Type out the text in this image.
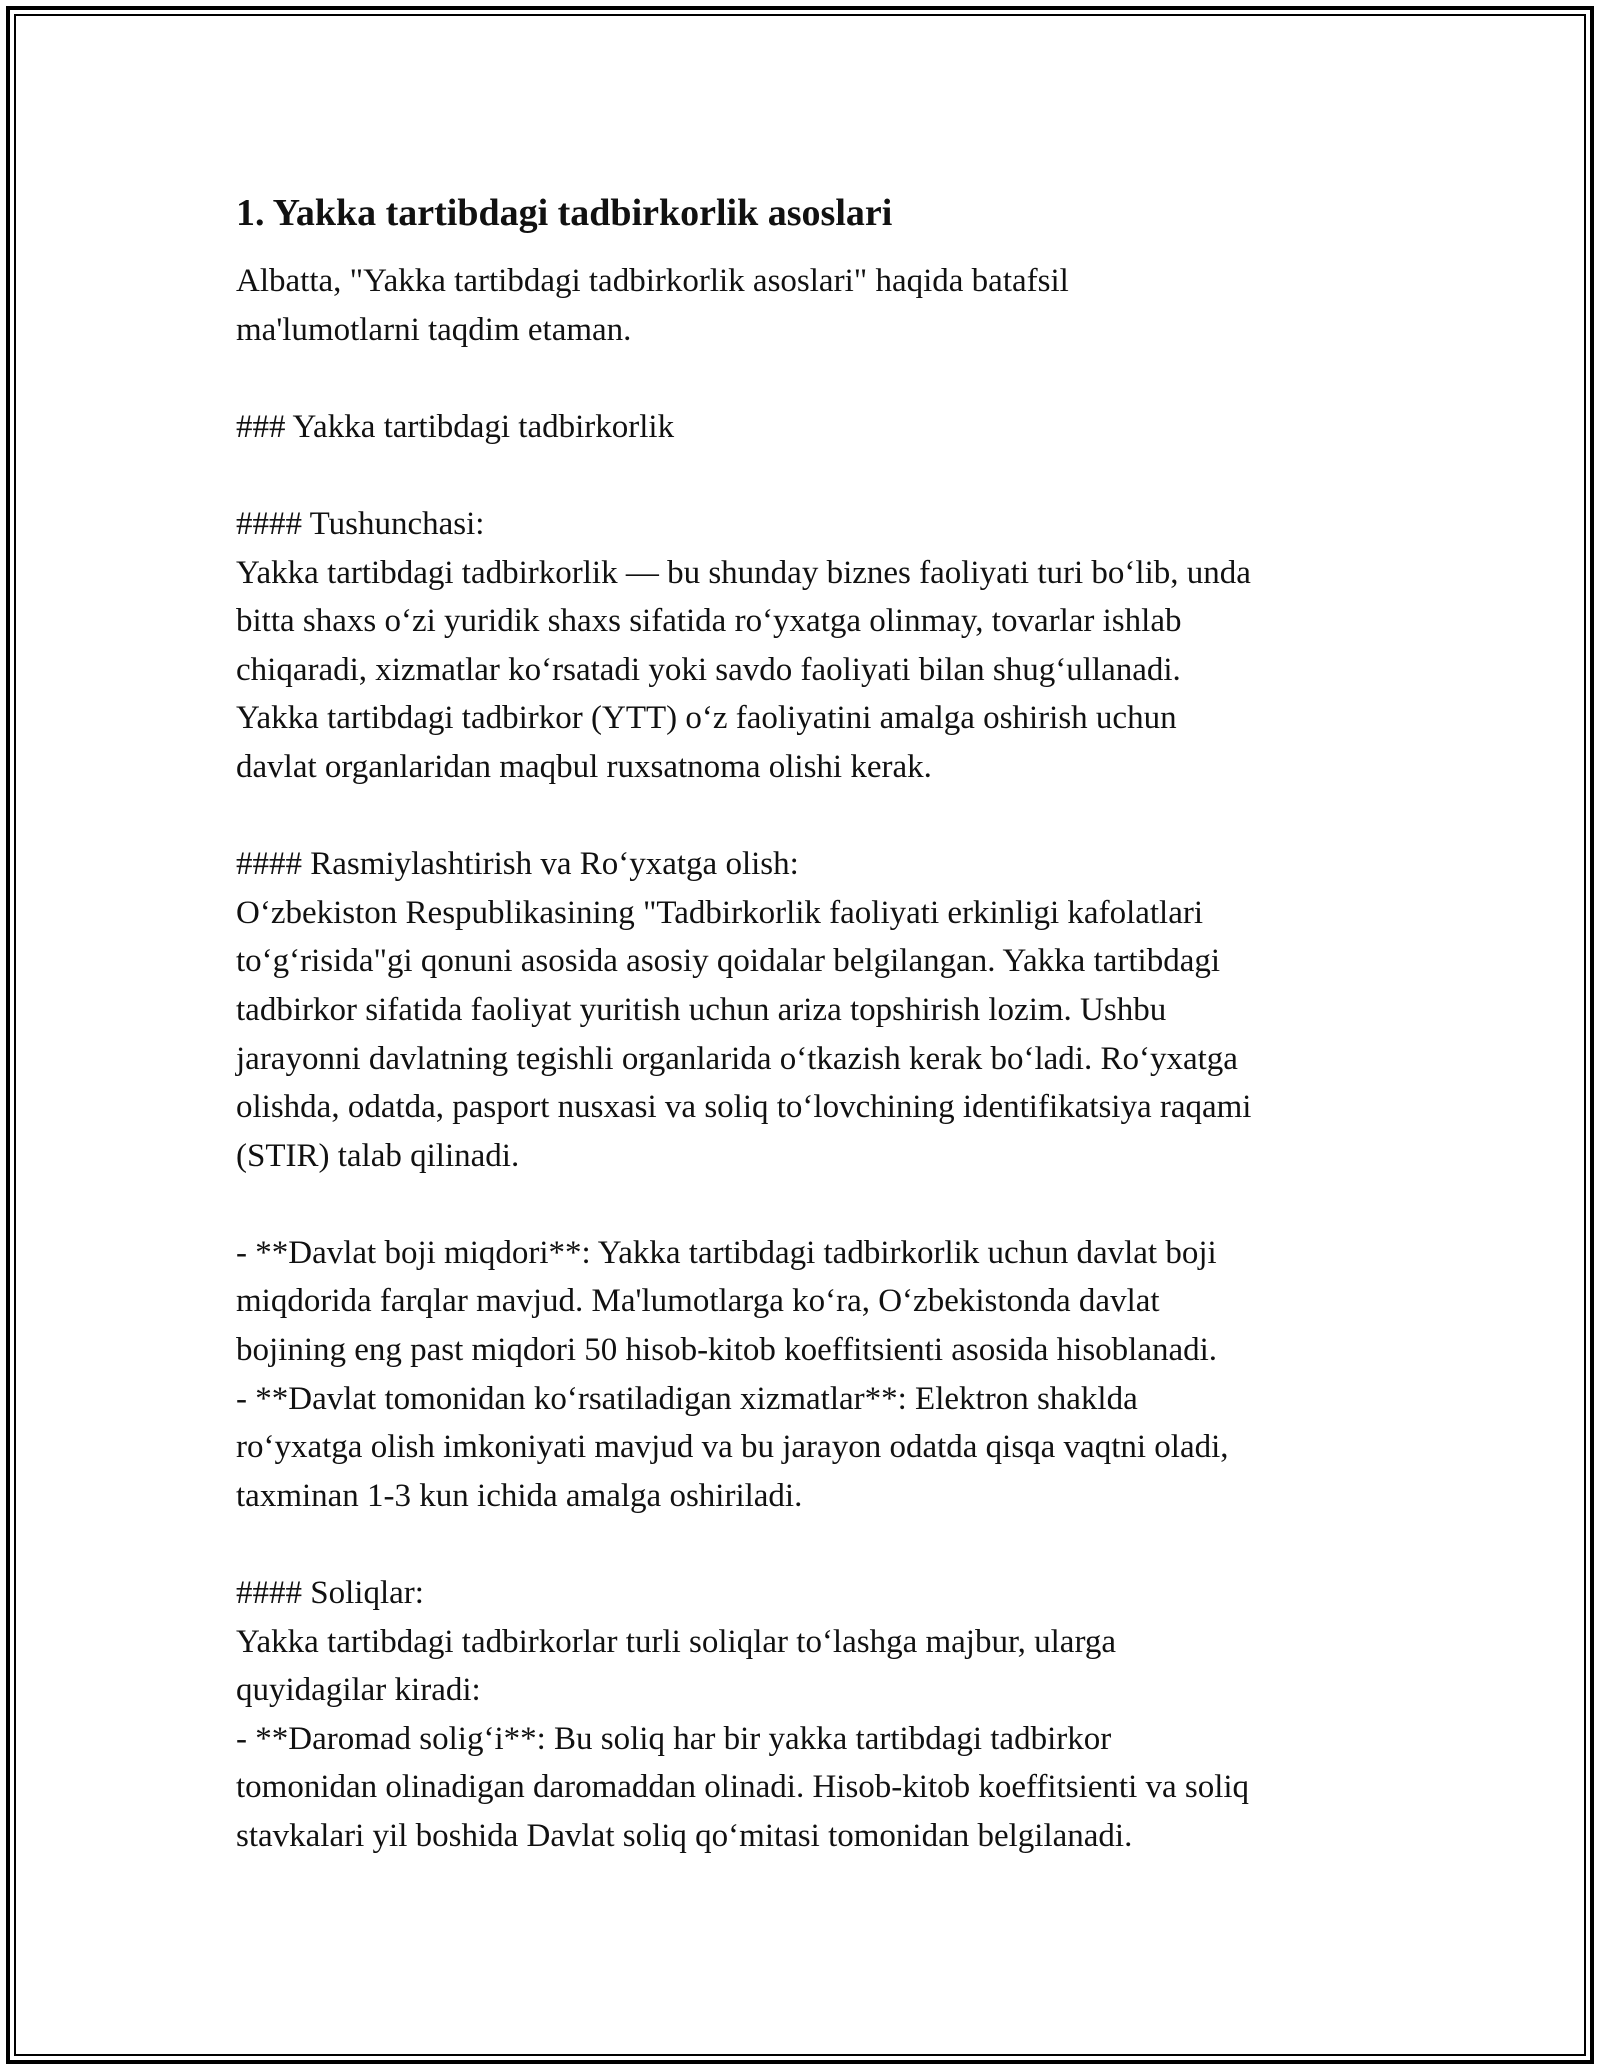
1. Yakka tartibdagi tadbirkorlik asoslari
Albatta, "Yakka tartibdagi tadbirkorlik asoslari" haqida batafsil
ma'lumotlarni taqdim etaman.
### Yakka tartibdagi tadbirkorlik
#### Tushunchasi:
Yakka tartibdagi tadbirkorlik — bu shunday biznes faoliyati turi bo‘lib, unda
bitta shaxs o‘zi yuridik shaxs sifatida ro‘yxatga olinmay, tovarlar ishlab
chiqaradi, xizmatlar ko‘rsatadi yoki savdo faoliyati bilan shug‘ullanadi.
Yakka tartibdagi tadbirkor (YTT) o‘z faoliyatini amalga oshirish uchun
davlat organlaridan maqbul ruxsatnoma olishi kerak.
#### Rasmiylashtirish va Ro‘yxatga olish:
O‘zbekiston Respublikasining "Tadbirkorlik faoliyati erkinligi kafolatlari
to‘g‘risida"gi qonuni asosida asosiy qoidalar belgilangan. Yakka tartibdagi
tadbirkor sifatida faoliyat yuritish uchun ariza topshirish lozim. Ushbu
jarayonni davlatning tegishli organlarida o‘tkazish kerak bo‘ladi. Ro‘yxatga
olishda, odatda, pasport nusxasi va soliq to‘lovchining identifikatsiya raqami
(STIR) talab qilinadi.
- **Davlat boji miqdori**: Yakka tartibdagi tadbirkorlik uchun davlat boji
miqdorida farqlar mavjud. Ma'lumotlarga ko‘ra, O‘zbekistonda davlat
bojining eng past miqdori 50 hisob-kitob koeffitsienti asosida hisoblanadi.
- **Davlat tomonidan ko‘rsatiladigan xizmatlar**: Elektron shaklda
ro‘yxatga olish imkoniyati mavjud va bu jarayon odatda qisqa vaqtni oladi,
taxminan 1-3 kun ichida amalga oshiriladi.
#### Soliqlar:
Yakka tartibdagi tadbirkorlar turli soliqlar to‘lashga majbur, ularga
quyidagilar kiradi:
- **Daromad solig‘i**: Bu soliq har bir yakka tartibdagi tadbirkor
tomonidan olinadigan daromaddan olinadi. Hisob-kitob koeffitsienti va soliq
stavkalari yil boshida Davlat soliq qo‘mitasi tomonidan belgilanadi.
